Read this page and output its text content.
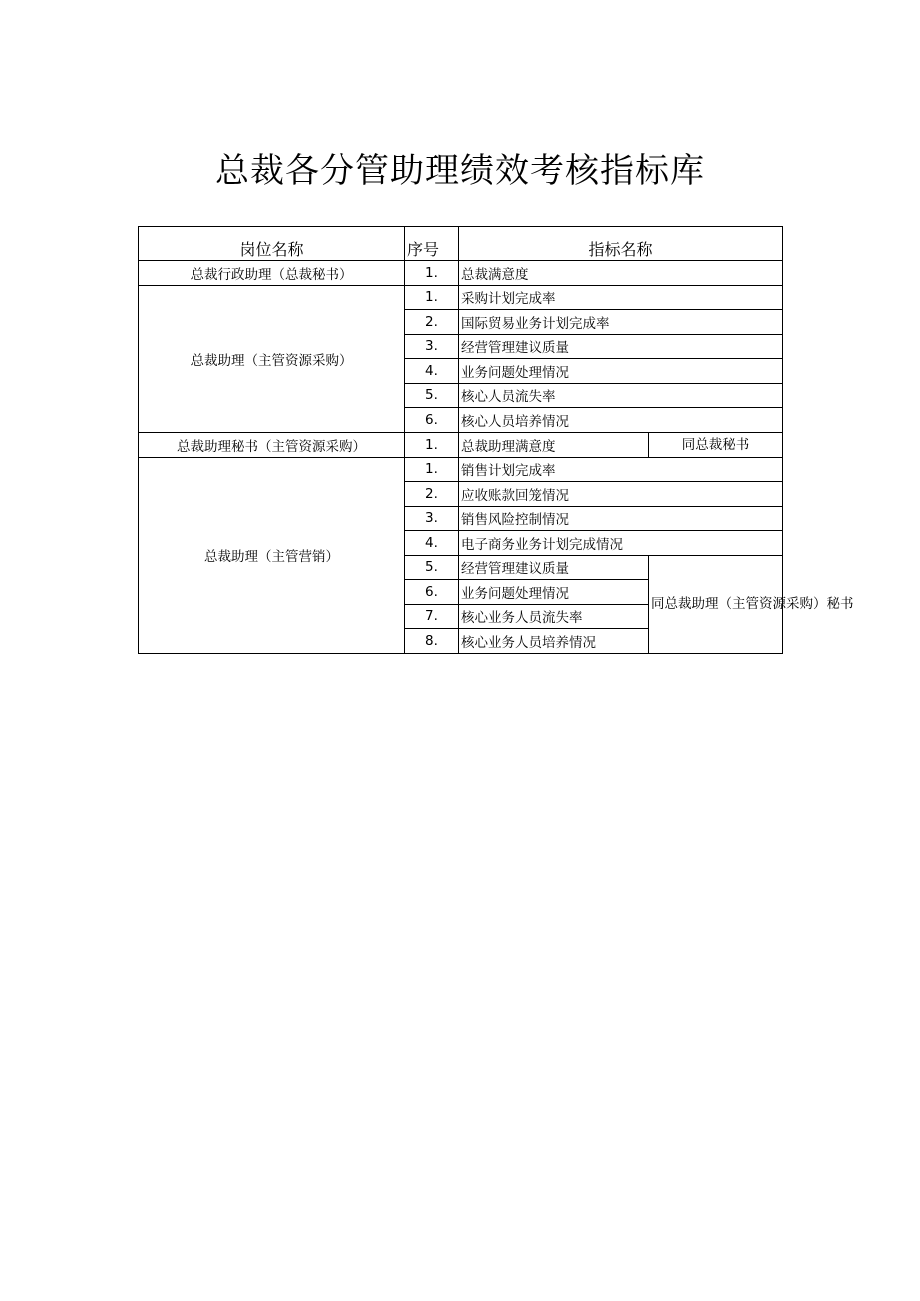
总裁各分管助理绩效考核指标库
岗位名称	序号	指标名称	
总裁行政助理（总裁秘书）	1.	总裁满意度	
总裁助理（主管资源采购）	1.	采购计划完成率	
	2.	国际贸易业务计划完成率	
	3.	经营管理建议质量	
	4.	业务问题处理情况	
	5.	核心人员流失率	
	6.	核心人员培养情况	
总裁助理秘书（主管资源采购）	1.	总裁助理满意度	同总裁秘书
总裁助理（主管营销）	1.	销售计划完成率	
	2.	应收账款回笼情况	
	3.	销售风险控制情况	
	4.	电子商务业务计划完成情况	
	5.	经营管理建议质量	同总裁助理（主管资源采购）秘书
	6.	业务问题处理情况	
	7.	核心业务人员流失率	
	8.	核心业务人员培养情况	
